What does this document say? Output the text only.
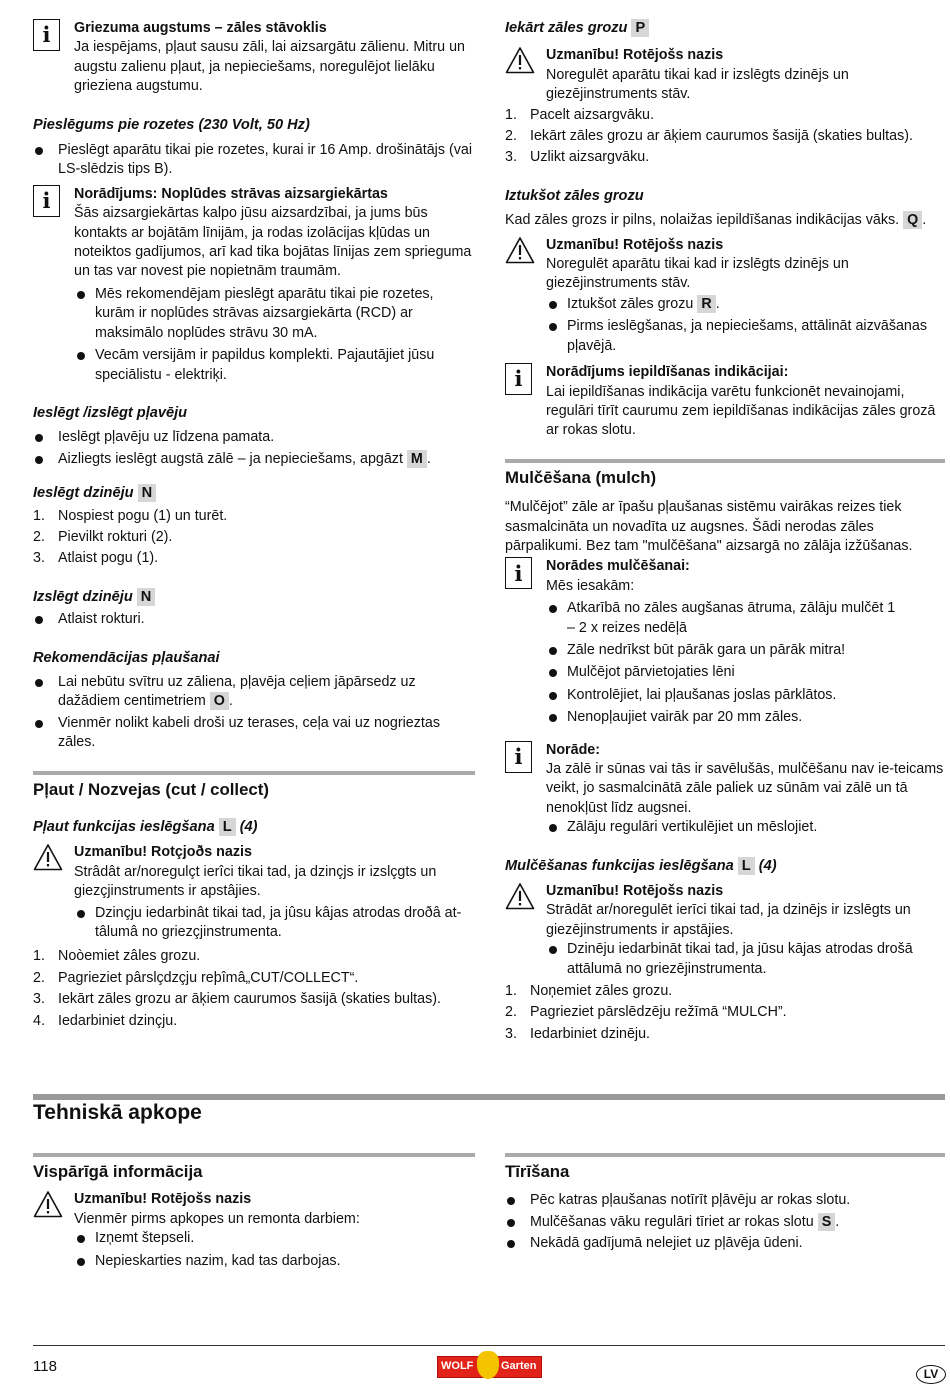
i	Griezuma augstums – zāles stāvoklis
Ja iespējams, pļaut sausu zāli, lai aizsargātu zālienu. Mitru un augstu zalienu pļaut, ja nepieciešams, noregulējot lielāku grieziena augstumu.
Pieslēgums pie rozetes (230 Volt, 50 Hz)
Pieslēgt aparātu tikai pie rozetes, kurai ir 16 Amp. drošinātājs (vai LS-slēdzis tips B).
i	Norādījums: Noplūdes strāvas aizsargiekārtas
Šās aizsargiekārtas kalpo jūsu aizsardzībai, ja jums būs kontakts ar bojātām līnijām, ja rodas izolācijas kļūdas un noteiktos gadījumos, arī kad tika bojātas līnijas zem sprieguma un tas var novest pie nopietnām traumām.
Mēs rekomendējam pieslēgt aparātu tikai pie rozetes, kurām ir noplūdes strāvas aizsargiekārta (RCD) ar maksimālo noplūdes strāvu 30 mA.
Vecām versijām ir papildus komplekti. Pajautājiet jūsu speciālistu - elektriķi.
Ieslēgt /izslēgt pļavēju
Ieslēgt pļavēju uz līdzena pamata.
Aizliegts ieslēgt augstā zālē – ja nepieciešams, apgāzt M .
Ieslēgt dzinēju N
1. Nospiest pogu (1) un turēt.
2. Pievilkt rokturi (2).
3. Atlaist pogu (1).
Izslēgt dzinēju N
Atlaist rokturi.
Rekomendācijas pļaušanai
Lai nebūtu svītru uz zāliena, pļavēja ceļiem jāpārsedz uz dažādiem centimetriem O .
Vienmēr nolikt kabeli droši uz terases, ceļa vai uz nogrieztas zāles.
Pļaut / Nozvejas (cut / collect)
Pļaut funkcijas ieslēgšana L (4)
Uzmanību! Rotçjoðs nazis
Strâdât ar/noregulçt ierîci tikai tad, ja dzinçjs ir izslçgts un giezçjinstruments ir apstâjies.
Dzinçju iedarbinât tikai tad, ja jûsu kâjas atrodas droðâ at-tâlumâ no griezçjinstrumenta.
1. Noòemiet zâles grozu.
2. Pagrieziet pârslçdzçju reþîmâ„CUT/COLLECT“.
3. Iekārt zāles grozu ar āķiem caurumos šasijā (skaties bultas).
4. Iedarbiniet dzinçju.
Iekārt zāles grozu P
Uzmanību! Rotējošs nazis
Noregulēt aparātu tikai kad ir izslēgts dzinējs un giezējinstruments stāv.
1. Pacelt aizsargvāku.
2. Iekārt zāles grozu ar āķiem caurumos šasijā (skaties bultas).
3. Uzlikt aizsargvāku.
Iztukšot zāles grozu
Kad zāles grozs ir pilns, nolaižas iepildīšanas indikācijas vāks. Q .
Uzmanību! Rotējošs nazis
Noregulēt aparātu tikai kad ir izslēgts dzinējs un giezējinstruments stāv.
Iztukšot zāles grozu R .
Pirms ieslēgšanas, ja nepieciešams, attālināt aizvāšanas pļavējā.
i	Norādījums iepildīšanas indikācijai:
Lai iepildīšanas indikācija varētu funkcionēt nevainojami, regulāri tīrīt caurumu zem iepildīšanas indikācijas zāles grozā ar rokas slotu.
Mulčēšana (mulch)
“Mulčējot” zāle ar īpašu pļaušanas sistēmu vairākas reizes tiek sasmalcināta un novadīta uz augsnes. Šādi nerodas zāles pārpalikumi. Bez tam "mulčēšana" aizsargā no zālāja izžūšanas.
i	Norādes mulčēšanai:
Mēs iesakām:
Atkarībā no zāles augšanas ātruma, zālāju mulčēt 1 – 2 x reizes nedēļā
Zāle nedrīkst būt pārāk gara un pārāk mitra!
Mulčējot pārvietojaties lēni
Kontrolējiet, lai pļaušanas joslas pārklātos.
Nenopļaujiet vairāk par 20 mm zāles.
i	Norāde:
Ja zālē ir sūnas vai tās ir savēlušās, mulčēšanu nav ie-teicams veikt, jo sasmalcinātā zāle paliek uz sūnām vai zālē un tā nenokļūst līdz augsnei.
Zālāju regulāri vertikulējiet un mēslojiet.
Mulčēšanas funkcijas ieslēgšana L (4)
Uzmanību! Rotējošs nazis
Strādāt ar/noregulēt ierīci tikai tad, ja dzinējs ir izslēgts un giezējinstruments ir apstājies.
Dzinēju iedarbināt tikai tad, ja jūsu kājas atrodas drošā attālumā no griezējinstrumenta.
1. Noņemiet zāles grozu.
2. Pagrieziet pārslēdzēju režīmā “MULCH”.
3. Iedarbiniet dzinēju.
Tehniskā apkope
Vispārīgā informācija
Uzmanību! Rotējošs nazis
Vienmēr pirms apkopes un remonta darbiem:
Izņemt štepseli.
Nepieskarties nazim, kad tas darbojas.
Tīrīšana
Pēc katras pļaušanas notīrīt pļāvēju ar rokas slotu.
Mulčēšanas vāku regulāri tīriet ar rokas slotu S .
Nekādā gadījumā nelejiet uz pļāvēja ūdeni.
118	WOLF	Garten
LV
